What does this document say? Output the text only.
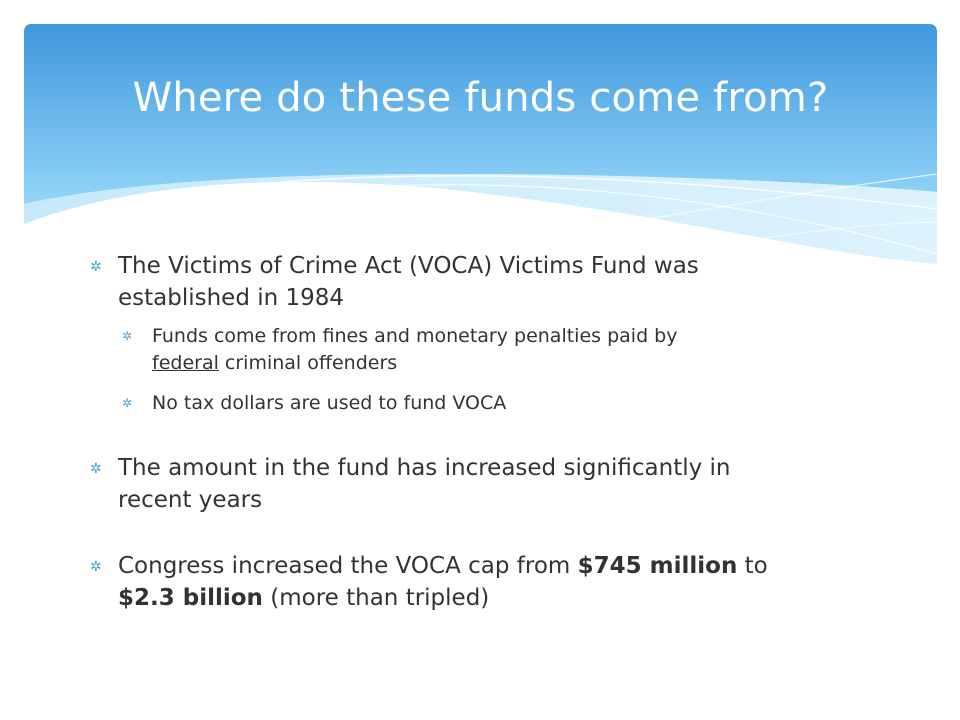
Where do these funds come from?
✲ The Victims of Crime Act (VOCA) Victims Fund was
established in 1984
✲ Funds come from fines and monetary penalties paid by
federal criminal offenders
✲ No tax dollars are used to fund VOCA
✲ The amount in the fund has increased significantly in
recent years
✲ Congress increased the VOCA cap from $745 million to
$2.3 billion (more than tripled)
